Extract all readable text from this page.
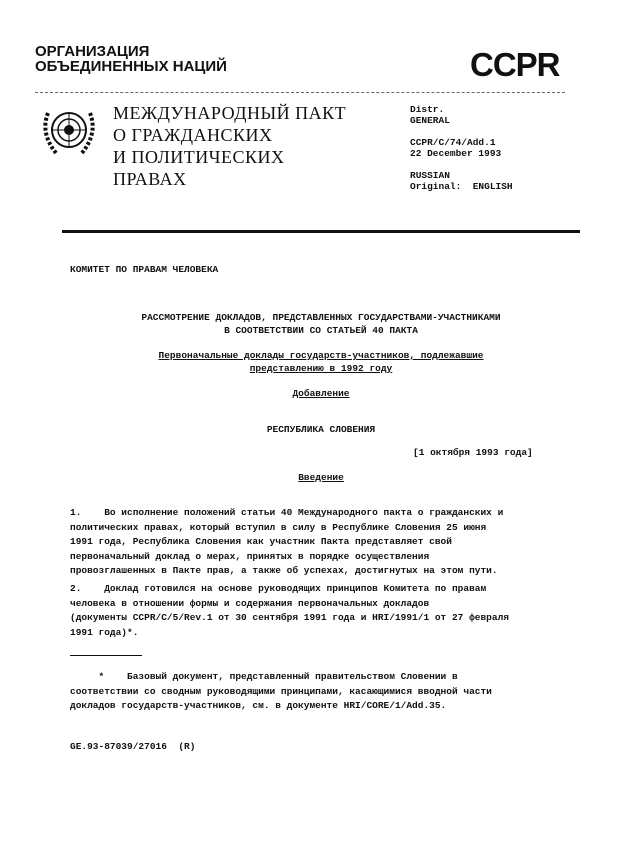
ОРГАНИЗАЦИЯ
ОБЪЕДИНЕННЫХ НАЦИЙ	CCPR
МЕЖДУНАРОДНЫЙ ПАКТ
О ГРАЖДАНСКИХ
И ПОЛИТИЧЕСКИХ
ПРАВАХ
Distr.
GENERAL
CCPR/C/74/Add.1
22 December 1993
RUSSIAN
Original:  ENGLISH
КОМИТЕТ ПО ПРАВАМ ЧЕЛОВЕКА
РАССМОТРЕНИЕ ДОКЛАДОВ, ПРЕДСТАВЛЕННЫХ ГОСУДАРСТВАМИ-УЧАСТНИКАМИ
В СООТВЕТСТВИИ СО СТАТЬЕЙ 40 ПАКТА
Первоначальные доклады государств-участников, подлежавшие
представлению в 1992 году
Добавление
РЕСПУБЛИКА СЛОВЕНИЯ
[1 октября 1993 года]
Введение
1.    Во исполнение положений статьи 40 Международного пакта о гражданских и
политических правах, который вступил в силу в Республике Словения 25 июня
1991 года, Республика Словения как участник Пакта представляет свой
первоначальный доклад о мерах, принятых в порядке осуществления
провозглашенных в Пакте прав, а также об успехах, достигнутых на этом пути.
2.    Доклад готовился на основе руководящих принципов Комитета по правам
человека в отношении формы и содержания первоначальных докладов
(документы CCPR/C/5/Rev.1 от 30 сентября 1991 года и HRI/1991/1 от 27 февраля
1991 года)*.
*    Базовый документ, представленный правительством Словении в
соответствии со сводным руководящими принципами, касающимися вводной части
докладов государств-участников, см. в документе HRI/CORE/1/Add.35.
GE.93-87039/27016  (R)
